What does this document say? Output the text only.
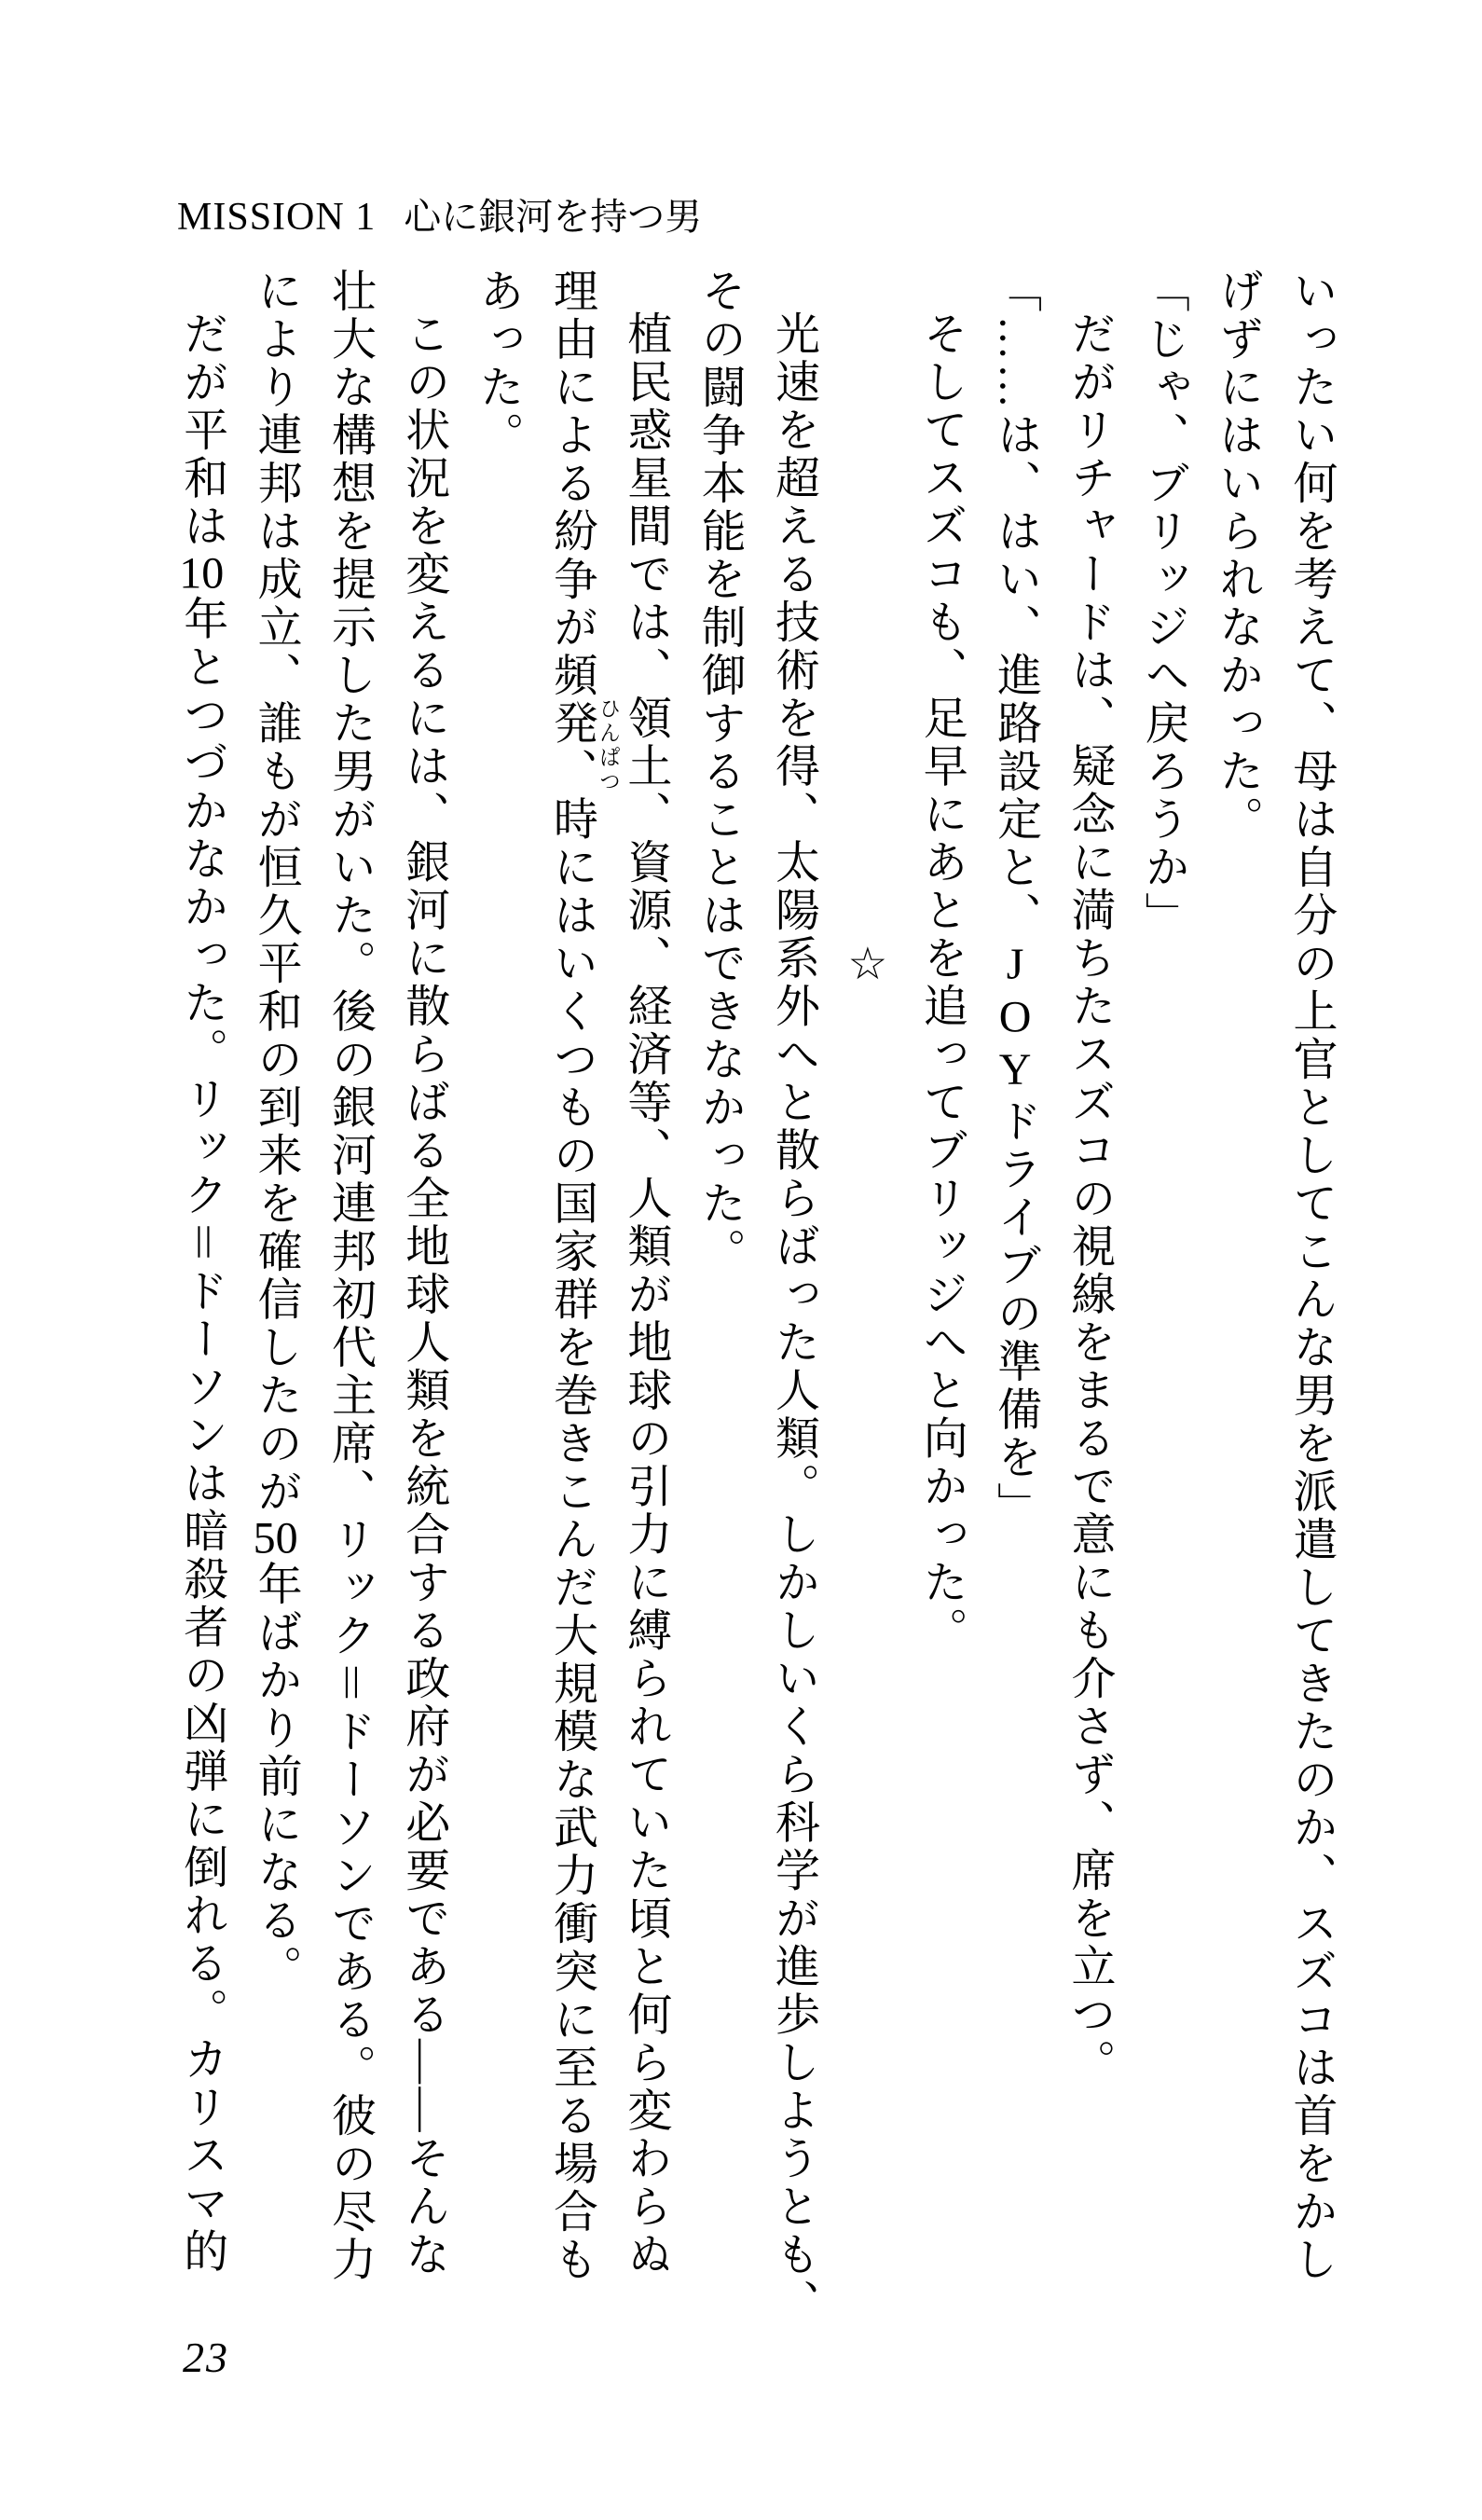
MISSION 1 心に銀河を持つ男
いったい何を考えて、母は自分の上官としてこんな男を派遣してきたのか、スズコは首をかし
げずにはいられなかった。
「じゃ、ブリッジへ戻ろうか」
だがリチャードは、疑念に満ちたスズコの視線をまるで意にも介さず、席を立つ。
「……は、はい、進路設定と、JOYドライブの準備を」
そしてスズコも、足早にあとを追ってブリッジへと向かった。
☆
光速を超える技術を得、太陽系外へと散らばった人類。しかしいくら科学が進歩しようとも、
その闘争本能を制御することはできなかった。
植民惑星間では、領土、資源、経済等、人類が地球の引力に縛られていた頃と何ら変わらぬ
理由による紛争が頻発、時にはいくつもの国家群を巻きこんだ大規模な武力衝突に至る場合も
あった。
この状況を変えるには、銀河に散らばる全地球人類を統合する政府が必要である――そんな
壮大な構想を提示した男がいた。後の銀河連邦初代主席、リック＝ドーソンである。彼の尽力
により連邦は成立、誰もが恒久平和の到来を確信したのが50年ばかり前になる。
だが平和は10年とつづかなかった。リック＝ドーソンは暗殺者の凶弾に倒れる。カリスマ的	ひんぱつ
23
